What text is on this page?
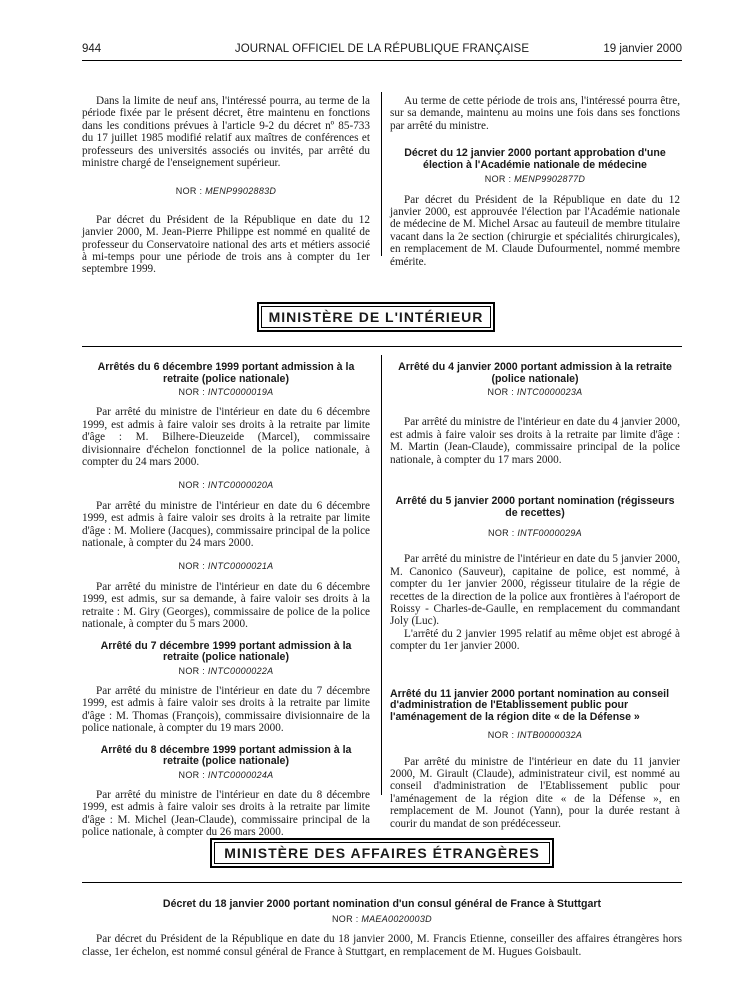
944	JOURNAL OFFICIEL DE LA RÉPUBLIQUE FRANÇAISE	19 janvier 2000

Dans la limite de neuf ans, l'intéressé pourra, au terme de la période fixée par le présent décret, être maintenu en fonctions dans les conditions prévues à l'article 9-2 du décret nº 85-733 du 17 juillet 1985 modifié relatif aux maîtres de conférences et professeurs des universités associés ou invités, par arrêté du ministre chargé de l'enseignement supérieur.

NOR : MENP9902883D

Par décret du Président de la République en date du 12 janvier 2000, M. Jean-Pierre Philippe est nommé en qualité de professeur du Conservatoire national des arts et métiers associé à mi-temps pour une période de trois ans à compter du 1er septembre 1999.

Au terme de cette période de trois ans, l'intéressé pourra être, sur sa demande, maintenu au moins une fois dans ses fonctions par arrêté du ministre.

Décret du 12 janvier 2000 portant approbation d'une élection à l'Académie nationale de médecine

NOR : MENP9902877D

Par décret du Président de la République en date du 12 janvier 2000, est approuvée l'élection par l'Académie nationale de médecine de M. Michel Arsac au fauteuil de membre titulaire vacant dans la 2e section (chirurgie et spécialités chirurgicales), en remplacement de M. Claude Dufourmentel, nommé membre émérite.

MINISTÈRE DE L'INTÉRIEUR
Arrêtés du 6 décembre 1999 portant admission à la retraite (police nationale)

NOR : INTC0000019A

Par arrêté du ministre de l'intérieur en date du 6 décembre 1999, est admis à faire valoir ses droits à la retraite par limite d'âge : M. Bilhere-Dieuzeide (Marcel), commissaire divisionnaire d'échelon fonctionnel de la police nationale, à compter du 24 mars 2000.

NOR : INTC0000020A

Par arrêté du ministre de l'intérieur en date du 6 décembre 1999, est admis à faire valoir ses droits à la retraite par limite d'âge : M. Moliere (Jacques), commissaire principal de la police nationale, à compter du 24 mars 2000.

NOR : INTC0000021A

Par arrêté du ministre de l'intérieur en date du 6 décembre 1999, est admis, sur sa demande, à faire valoir ses droits à la retraite : M. Giry (Georges), commissaire de police de la police nationale, à compter du 5 mars 2000.

Arrêté du 7 décembre 1999 portant admission à la retraite (police nationale)

NOR : INTC0000022A

Par arrêté du ministre de l'intérieur en date du 7 décembre 1999, est admis à faire valoir ses droits à la retraite par limite d'âge : M. Thomas (François), commissaire divisionnaire de la police nationale, à compter du 19 mars 2000.

Arrêté du 8 décembre 1999 portant admission à la retraite (police nationale)

NOR : INTC0000024A

Par arrêté du ministre de l'intérieur en date du 8 décembre 1999, est admis à faire valoir ses droits à la retraite par limite d'âge : M. Michel (Jean-Claude), commissaire principal de la police nationale, à compter du 26 mars 2000.

Arrêté du 4 janvier 2000 portant admission à la retraite (police nationale)

NOR : INTC0000023A

Par arrêté du ministre de l'intérieur en date du 4 janvier 2000, est admis à faire valoir ses droits à la retraite par limite d'âge : M. Martin (Jean-Claude), commissaire principal de la police nationale, à compter du 17 mars 2000.

Arrêté du 5 janvier 2000 portant nomination (régisseurs de recettes)

NOR : INTF0000029A

Par arrêté du ministre de l'intérieur en date du 5 janvier 2000, M. Canonico (Sauveur), capitaine de police, est nommé, à compter du 1er janvier 2000, régisseur titulaire de la régie de recettes de la direction de la police aux frontières à l'aéroport de Roissy - Charles-de-Gaulle, en remplacement du commandant Joly (Luc).

L'arrêté du 2 janvier 1995 relatif au même objet est abrogé à compter du 1er janvier 2000.

Arrêté du 11 janvier 2000 portant nomination au conseil d'administration de l'Etablissement public pour l'aménagement de la région dite « de la Défense »

NOR : INTB0000032A

Par arrêté du ministre de l'intérieur en date du 11 janvier 2000, M. Girault (Claude), administrateur civil, est nommé au conseil d'administration de l'Etablissement public pour l'aménagement de la région dite « de la Défense », en remplacement de M. Jounot (Yann), pour la durée restant à courir du mandat de son prédécesseur.

MINISTÈRE DES AFFAIRES ÉTRANGÈRES
Décret du 18 janvier 2000 portant nomination d'un consul général de France à Stuttgart

NOR : MAEA0020003D

Par décret du Président de la République en date du 18 janvier 2000, M. Francis Etienne, conseiller des affaires étrangères hors classe, 1er échelon, est nommé consul général de France à Stuttgart, en remplacement de M. Hugues Goisbault.
